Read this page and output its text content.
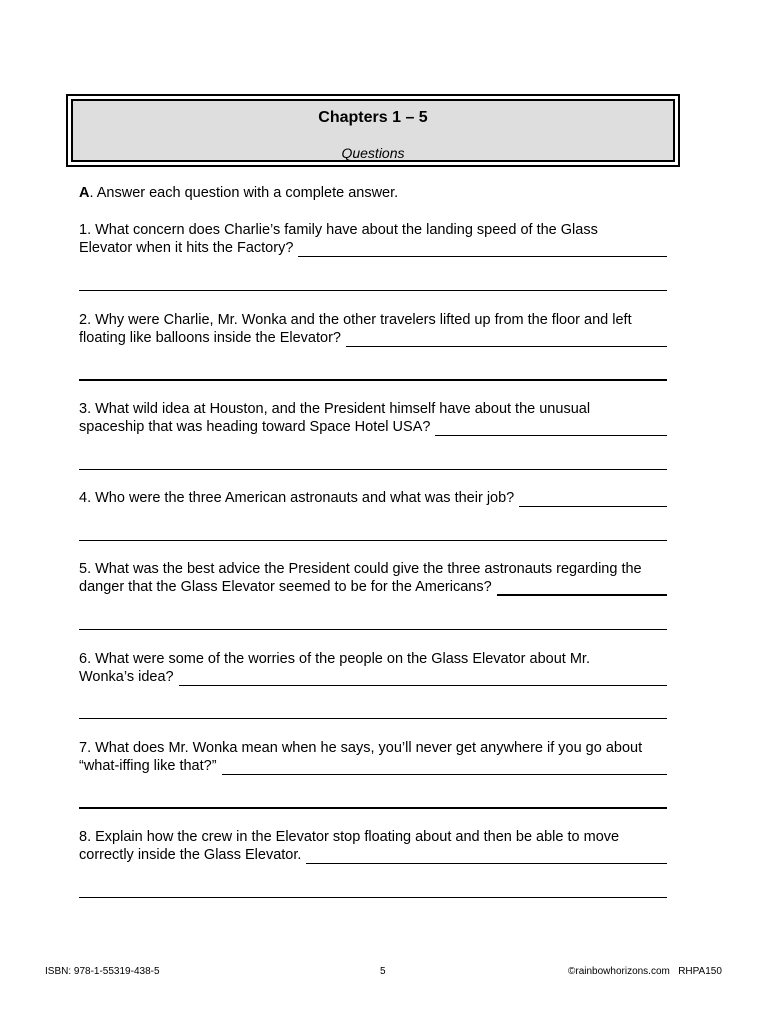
Chapters 1 – 5
Questions
A. Answer each question with a complete answer.
1. What concern does Charlie’s family have about the landing speed of the Glass
Elevator when it hits the Factory?
2. Why were Charlie, Mr. Wonka and the other travelers lifted up from the floor and left
floating like balloons inside the Elevator?
3. What wild idea at Houston, and the President himself have about the unusual
spaceship that was heading toward Space Hotel USA?
4. Who were the three American astronauts and what was their job?
5. What was the best advice the President could give the three astronauts regarding the
danger that the Glass Elevator seemed to be for the Americans?
6. What were some of the worries of the people on the Glass Elevator about Mr.
Wonka’s idea?
7. What does Mr. Wonka mean when he says, you’ll never get anywhere if you go about
“what-iffing like that?”
8. Explain how the crew in the Elevator stop floating about and then be able to move
correctly inside the Glass Elevator.
ISBN: 978-1-55319-438-5	5	©rainbowhorizons.com   RHPA150
